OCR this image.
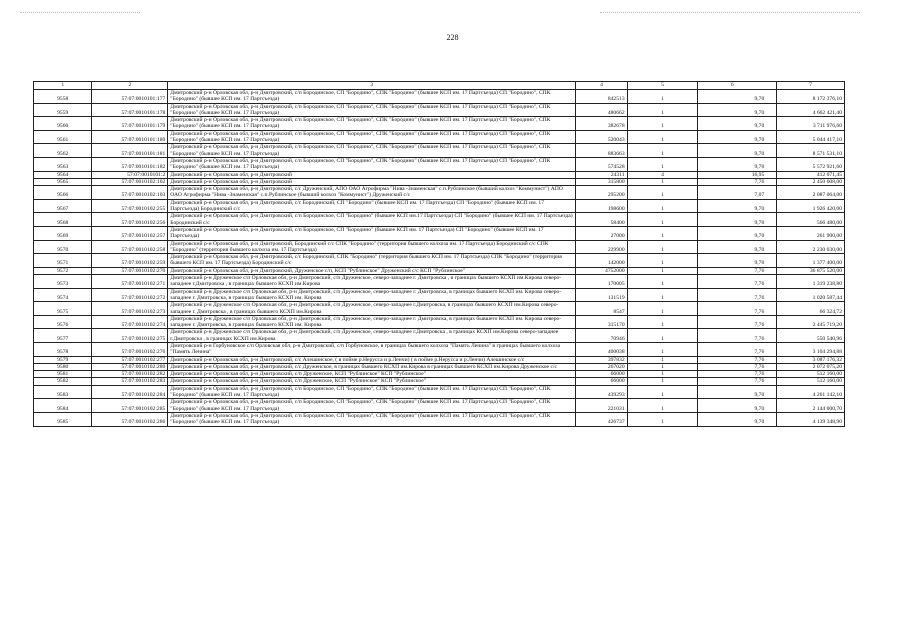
228
1	2	3	4	5	6	7
9558	57:07:0010101:177	Дмитровский р-н Орловская обл, р-н Дмитровский, с/п Бородинское, СП "Бородино", СПК "Бородино" (бывшее КСП им. 17 Партсъезда) СП "Бородино", СПК "Бородино" (бывшее КСП им. 17 Партсъезда)	842513	1	9,70	8 172 376,10
9559	57:07:0010101:178	Дмитровский р-н Орловская обл, р-н Дмитровский, с/п Бородинское, СП "Бородино", СПК "Бородино" (бывшее КСП им. 17 Партсъезда) СП "Бородино", СПК "Бородино" (бывшее КСП им. 17 Партсъезда)	480662	1	9,70	4 662 421,40
9560	57:07:0010101:179	Дмитровский р-н Орловская обл, р-н Дмитровский, с/п Бородинское, СП "Бородино", СПК "Бородино" (бывшее КСП им. 17 Партсъезда) СП "Бородино", СПК "Бородино" (бывшее КСП им. 17 Партсъезда)	382678	1	9,70	3 711 976,60
9561	57:07:0010101:180	Дмитровский р-н Орловская обл, р-н Дмитровский, с/п Бородинское, СП "Бородино", СПК "Бородино" (бывшее КСП им. 17 Партсъезда) СП "Бородино", СПК "Бородино" (бывшее КСП им. 17 Партсъезда)	520043	1	9,70	5 044 417,10
9562	57:07:0010101:181	Дмитровский р-н Орловская обл, р-н Дмитровский, с/п Бородинское, СП "Бородино", СПК "Бородино" (бывшее КСП им. 17 Партсъезда) СП "Бородино", СПК "Бородино" (бывшее КСП им. 17 Партсъезда)	883663	1	9,70	8 571 531,10
9563	57:07:0010101:182	Дмитровский р-н Орловская обл, р-н Дмитровский, с/п Бородинское, СП "Бородино", СПК "Бородино" (бывшее КСП им. 17 Партсъезда) СП "Бородино", СПК "Бородино" (бывшее КСП им. 17 Партсъезда)	574528	1	9,70	5 572 921,60
9564	57:07:0010101:2	Дмитровский р-н Орловская обл, р-н Дмитровский	24311	4	16,95	412 071,45
9565	57:07:0010102:102	Дмитровский р-н Орловская обл, р-н Дмитровский	315800	1	7,76	2 450 608,00
9566	57:07:0010102:103	Дмитровский р-н Орловская обл, р-н Дмитровский, с/с Друженский, АПО ОАО Агрофирма "Нива -Знаменская" с.п.Рублинское (бывший колхоз "Коммунист") АПО ОАО Агрофирма "Нива -Знаменская" с.п.Рублинское (бывший колхоз "Коммунист") Друженский с/с	295200	1	7,07	2 087 064,00
9567	57:07:0010102:255	Дмитровский р-н Орловская обл, р-н Дмитровский, с/с Бородинский, СП "Бородино" (бывшее КСП им. 17 Партсъезда) СП "Бородино" (бывшее КСП им. 17 Партсъезда) Бородинский с/с	198600	1	9,70	1 926 420,00
9568	57:07:0010102:256	Дмитровский р-н Орловская обл, р-н Дмитровский, с/п Бородинское, СП "Бородино" (бывшее КСП им.17 Партсъезда) СП "Бородино" (бывшее КСП им. 17 Партсъезда) Бородинский с/с	58400	1	9,70	566 480,00
9569	57:07:0010102:257	Дмитровский р-н Орловская обл, р-н Дмитровский, с/п Бородинское, СП "Бородино" (бывшее КСП им. 17 Партсъезда) СП "Бородино" (бывшее КСП им. 17 Партсъезда)	27000	1	9,70	261 900,00
9570	57:07:0010102:258	Дмитровский р-н Орловская обл, р-н Дмитровский, Бородинский с/с СПК "Бородино" (территория бывшего колхоза им. 17 Партсъезда) Бородинский с/с СПК "Бородино" (территория бывшего колхоза им. 17 Партсъезда)	229900	1	9,70	2 230 030,00
9571	57:07:0010102:259	Дмитровский р-н Орловская обл, р-н Дмитровский, с/с Бородинский, СПК "Бородино" (территория бывшего КСП им. 17 Партсъезда) СПК "Бородино" (территория бывшего КСП им. 17 Партсъезда) Бородинский с/с	142000	1	9,70	1 377 400,00
9572	57:07:0010102:270	Дмитровский р-н Орловская обл, р-н Дмитровский, Друженское с/п, КСП "Рублинское" Друженский с/с КСП "Рублинское"	4752000	1	7,76	36 875 520,00
9573	57:07:0010102:271	Дмитровский р-н Друженское с/п Орловская обл, р-н Дмитровский, с/п Друженское, северо-западнее г. Дмитровска , в границах бывшего КСХП им.Кирова северо-западнее г.Дмитровска , в границах бывшего КСХП им.Кирова	170005	1	7,76	1 319 238,80
9574	57:07:0010102:272	Дмитровский р-н Друженское с/п Орловская обл, р-н Дмитровский, с/п Друженское, северо-западнее г. Дмитровска, в границах бывшего КСХП им. Кирова северо-западнее г. Дмитровска, в границах бывшего КСХП им. Кирова	131519	1	7,76	1 020 587,44
9575	57:07:0010102:273	Дмитровский р-н Друженское с/п Орловская обл, р-н Дмитровский, с/п Друженское, северо-западнее г.Дмитровска, в границах бывшего КСХП им.Кирова северо-западнее г. Дмитровска , в границах бывшего КСХП им.Кирова	8547	1	7,76	66 324,72
9576	57:07:0010102:274	Дмитровский р-н Друженское с/п Орловская обл, р-н Дмитровский, с/п Друженское, северо-западнее г. Дмитровска, в границах бывшего КСХП им. Кирова северо-западнее г. Дмитровска, в границах бывшего КСХП им. Кирова	315170	1	7,76	2 445 719,20
9577	57:07:0010102:275	Дмитровский р-н Друженское с/п Орловская обл, р-н Дмитровский, с/п Друженское, северо-западнее г.Дмитровска , в границах КСХП им.Кирова северо-западнее г.Дмитровска , в границах КСХП им.Кирова	70946	1	7,76	550 540,96
9578	57:07:0010102:276	Дмитровский р-н Горбуновское с/п Орловская обл, р-н Дмитровский, с/п Горбуновское, в границах бывшего колхоза "Память Ленина" в границах бывшего колхоза "Память Ленина"	400038	1	7,76	3 104 294,88
9579	57:07:0010102:277	Дмитровский р-н Орловская обл, р-н Дмитровский, с/с Алешинское, ( в пойме р.Нерусса и р.Ленчи) ( в пойме р.Нерусса и р.Ленчи) Алешинское с/с	397832	1	7,76	3 087 176,32
9580	57:07:0010102:280	Дмитровский р-н Орловская обл, р-н Дмитровский, с/с Друженское, в границах бывшего КСХП им.Кирова в границах бывшего КСХП им.Кирова Друженское с/с	267020	1	7,76	2 072 075,20
9581	57:07:0010102:282	Дмитровский р-н Орловская обл, р-н Дмитровский, с/п Друженское, КСП "Рублинское" КСП "Рублинское"	66000	1	7,76	512 160,00
9582	57:07:0010102:283	Дмитровский р-н Орловская обл, р-н Дмитровский, с/п Друженское, КСП "Рублинское" КСП "Рублинское"	66000	1	7,76	512 160,00
9583	57:07:0010102:284	Дмитровский р-н Орловская обл, р-н Дмитровский, с/п Бородинское, СП "Бородино", СПК "Бородино" (бывшее КСП им. 17 Партсъезда) СП "Бородино", СПК "Бородино" (бывшее КСП им. 17 Партсъезда)	439293	1	9,70	4 261 142,10
9584	57:07:0010102:285	Дмитровский р-н Орловская обл, р-н Дмитровский, с/п Бородинское, СП "Бородино", СПК "Бородино" (бывшее КСП им. 17 Партсъезда) СП "Бородино", СПК "Бородино" (бывшее КСП им. 17 Партсъезда)	221031	1	9,70	2 144 000,70
9585	57:07:0010102:286	Дмитровский р-н Орловская обл, р-н Дмитровский, с/п Бородинское, СП "Бородино", СПК "Бородино" (бывшее КСП им. 17 Партсъезда) СП "Бородино", СПК "Бородино" (бывшее КСП им. 17 Партсъезда)	426737	1	9,70	4 139 348,90
